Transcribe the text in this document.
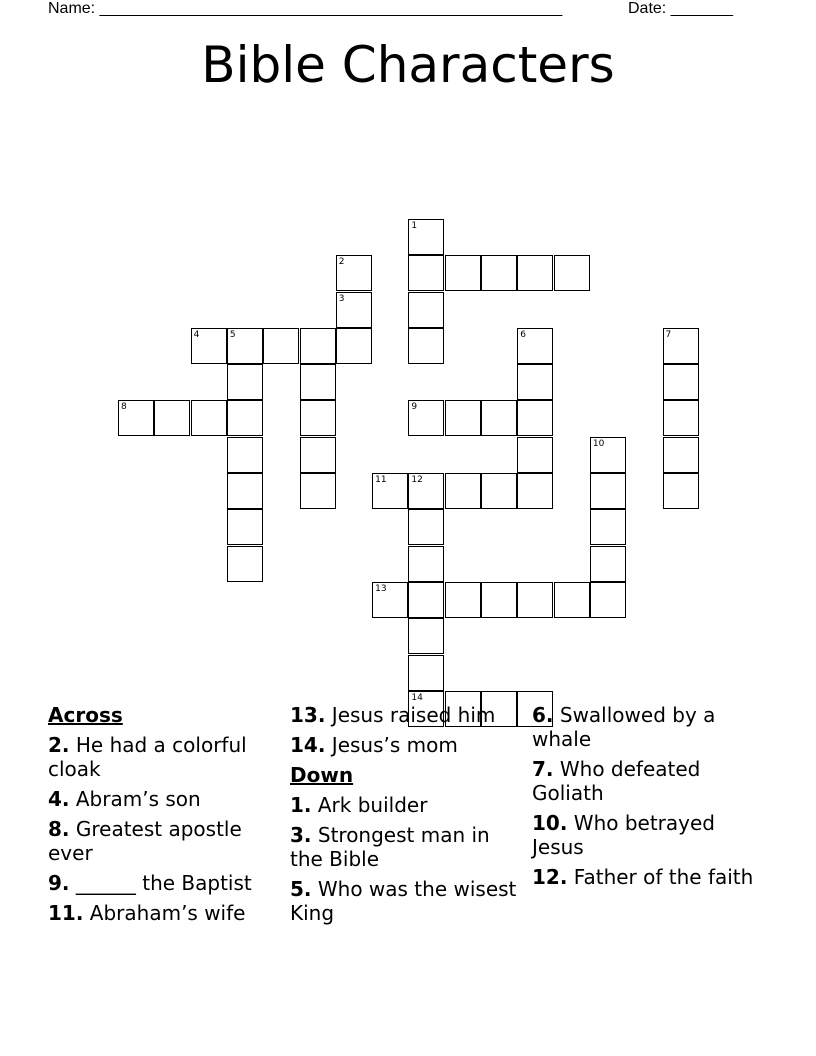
Name: ____________________________________________________	Date: _______
Bible Characters
1
2
3
4	5	6	7
8	9
10
11	12
13
14
Across
2. He had a colorful cloak
4. Abram’s son
8. Greatest apostle ever
9. ______ the Baptist
11. Abraham’s wife
13. Jesus raised him
14. Jesus’s mom
Down
1. Ark builder
3. Strongest man in the Bible
5. Who was the wisest King
6. Swallowed by a whale
7. Who defeated Goliath
10. Who betrayed Jesus
12. Father of the faith
